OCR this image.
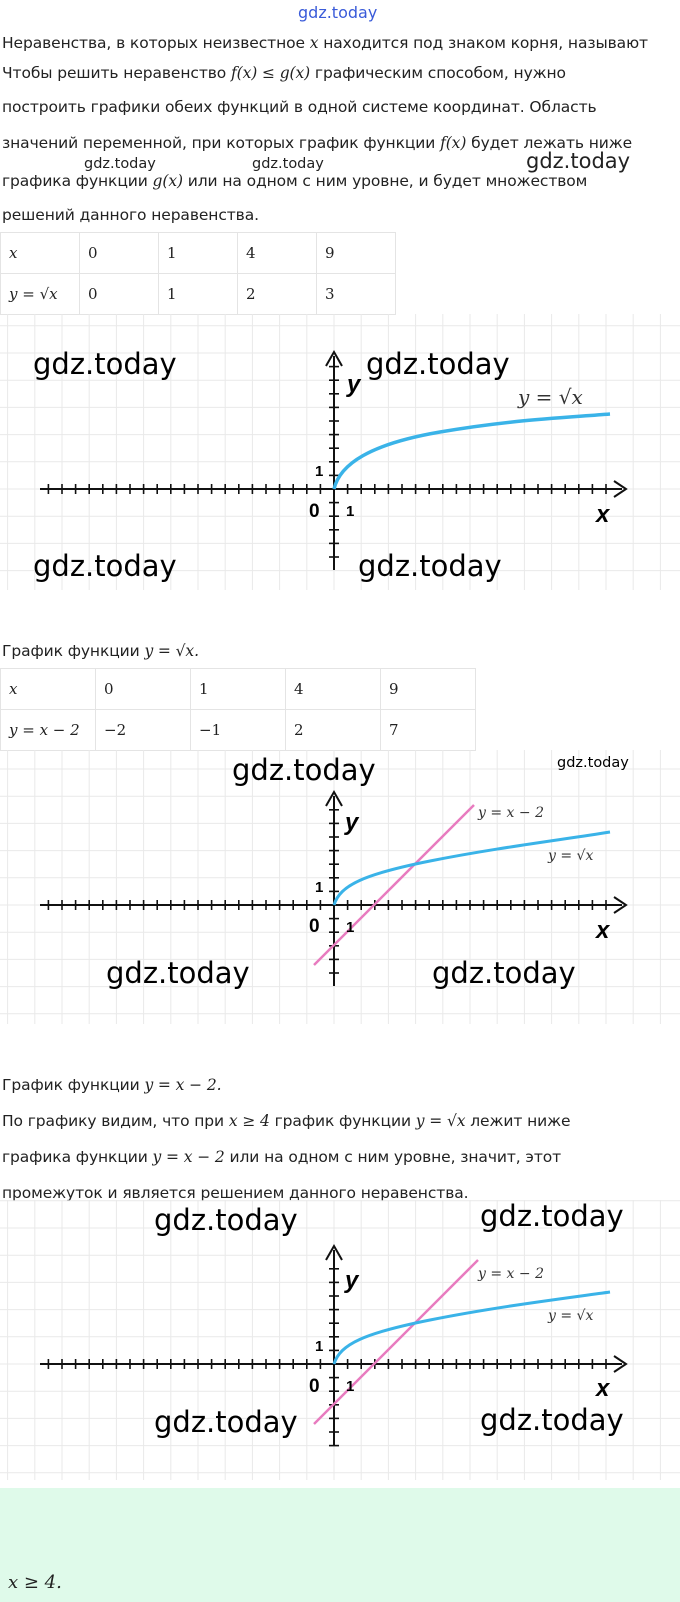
gdz.today
Неравенства, в которых неизвестное x находится под знаком корня, называют
Чтобы решить неравенство f(x) ≤ g(x) графическим способом, нужно
построить графики обеих функций в одной системе координат. Область
значений переменной, при которых график функции f(x) будет лежать ниже
графика функции g(x) или на одном с ним уровне, и будет множеством
решений данного неравенства.
gdz.today	gdz.today	gdz.today
x	0	1	4	9
y = √x	0	1	2	3
y
x
0 1
1
y = √x
gdz.today	gdz.today
gdz.today	gdz.today
График функции y = √x.
x	0	1	4	9
y = x − 2	−2	−1	2	7
y
x
0 1
1
y = x − 2
y = √x
gdz.today	gdz.today
gdz.today	gdz.today
График функции y = x − 2.
По графику видим, что при x ≥ 4 график функции y = √x лежит ниже
графика функции y = x − 2 или на одном с ним уровне, значит, этот
промежуток и является решением данного неравенства.
y
x
0 1
1
y = x − 2
y = √x
gdz.today	gdz.today
gdz.today	gdz.today
x ≥ 4.
